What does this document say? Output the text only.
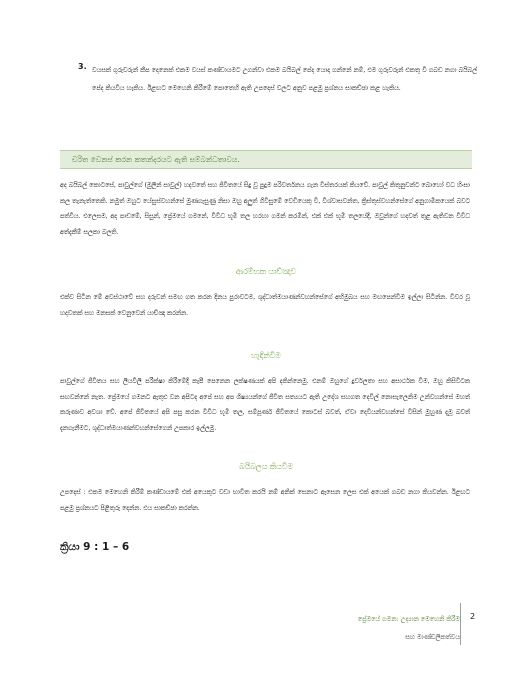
3. වයසක් ගුරුවරුන් කීප දෙනෙක් එකම වයස් කණ්ඩායමට උගන්වා එකම බයිබල් පේද යොදා ගන්නේ නම්, එම ගුරුවරුන් එකතු වී ගබඩ නගා බයිබල් පේද කියවිය හැකිය. ඊළඟට මෙහෙනි කිරීමේ පොතෙහි ඇති උපදෙස් වලට අනුව පළමු ප්‍රශ්නය සාකච්ඡා කළ හැකිය.
චරිත වෙනස් කරන කතන්දරයට ඇති සම්බන්ධතාවය.
අද බයිබල් කොටසේ, පාවුල්ගේ (මුලින් සාවුල්) හදවතේ සහ ජිවිතයේ සිදු වූ පුදුම පරිවර්තනය ගැන විස්තරයක් කියවේ. පාවුල් කිතුනුවන්ට බොහෝ වධ හිංසා කල තැනැත්තෙකි. නමුත් ඔහුට යේසුස්වහන්සේ මුණගැසුණු නිසා ඔහු අලුත් ගිවිසුමේ වෙඩියෙකු වී, විශ්වාසවන්ත, ක්‍රිස්තුස්වහන්සේගේ අනුගාමිකයෙක් බවට පත්විය. එලෙසම, අද පාඩමේ, සිසුන්, ප්‍රේමයේ ගමනේ, විවිධ භූමි තල හරහා ගමන් කරමින්, එක් එක් භූමි තලයේදී, ඔවුන්ගේ හදවත් තුළ ඇතිවන විවිධ අත්දැකීම් සලකා බලති.
ආරම්භක යාච්ඤාව
එක්ව සිටින මේ අවස්ථාවේ සහ දරුවන් සමඟ ගත කරන දිනය පුරාවටම, ශුද්ධාත්මයාණන්වහන්සේගේ අභිමුඛය සහ මඟපෙන්වීම ඉල්ලා සිටින්න. විවර වූ හදවතක් සහ මනසක් වෙනුවෙන් යාච්ඤා කරන්න.
හැඳින්වීම
පාවුල්ගේ ජීවිතය සහ ලියවිලි පරීක්ෂා කිරීමේදී කැපී පෙනෙන ලක්ෂණයක් අපි දකින්නෙමු. එනම් ඔහුගේ දුර්වලතා සහ අසාර්ථක වීම, ඔහු කිසිවිටක සඟවන්නේ නැත. ප්‍රේමයේ ගමනට ඇතුළු වන අපිටද අපේ සහ අප ශිෂ්‍යයන්ගේ ජීවිත සත්‍යයට ඇති උදේශ සහගත දෙවිල් නොසැලෙනිම උන්වහන්සේ මහත් කරුණාව අවශා වේ. අපේ ජීවිතයේ අපි පසු කරන විවිධ භූමි තල, සම්පූර්ණ ජීවිතයේ කොටස් බවත්, ඒවා දෙවියන්වහන්සේ විසින් මුහුණ දැමූ බවත් දැනගැනීමට, ශුද්ධාත්මයාණන්වහන්සේගෙන් උපකාර ඉල්ලමු.
බයිබලය කියවීම
උපදෙස් : එකම මෙහෙනි කිරීම් කණ්ඩායමේ එක් අයෙකුට වඩා භාවිත කරයි නම් අනික් සෙනාට ඇසෙන ලෙස එක් අයෙක් ගබඩ නගා කියවන්න. ඊළඟට පළමු ප්‍රශ්නයට පිළිතුරු දෙන්න. එය සාකච්ඡා කරන්න.
ක්‍රියා 9 : 1 – 6
ප්‍රේමයේ ගමන: උද්‍යාන මෙහෙනි කිරීම
සහ මාණ්ඩලිකත්වය
2
